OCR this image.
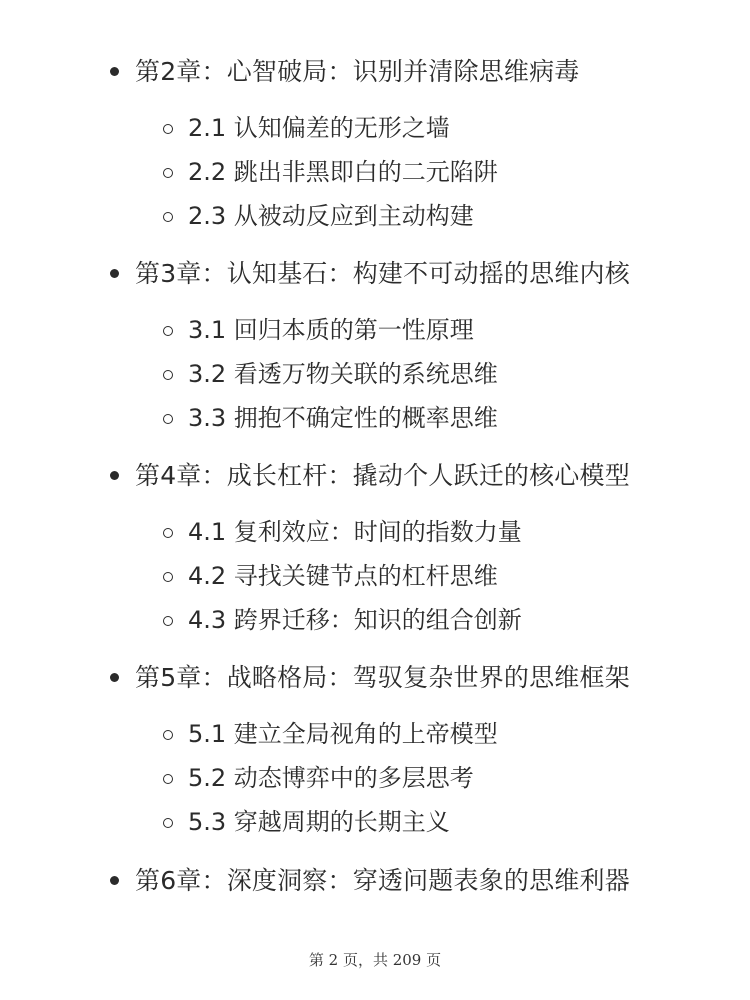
第2章：心智破局：识别并清除思维病毒
2.1 认知偏差的无形之墙
2.2 跳出非黑即白的二元陷阱
2.3 从被动反应到主动构建
第3章：认知基石：构建不可动摇的思维内核
3.1 回归本质的第一性原理
3.2 看透万物关联的系统思维
3.3 拥抱不确定性的概率思维
第4章：成长杠杆：撬动个人跃迁的核心模型
4.1 复利效应：时间的指数力量
4.2 寻找关键节点的杠杆思维
4.3 跨界迁移：知识的组合创新
第5章：战略格局：驾驭复杂世界的思维框架
5.1 建立全局视角的上帝模型
5.2 动态博弈中的多层思考
5.3 穿越周期的长期主义
第6章：深度洞察：穿透问题表象的思维利器
第 2 页，共 209 页
